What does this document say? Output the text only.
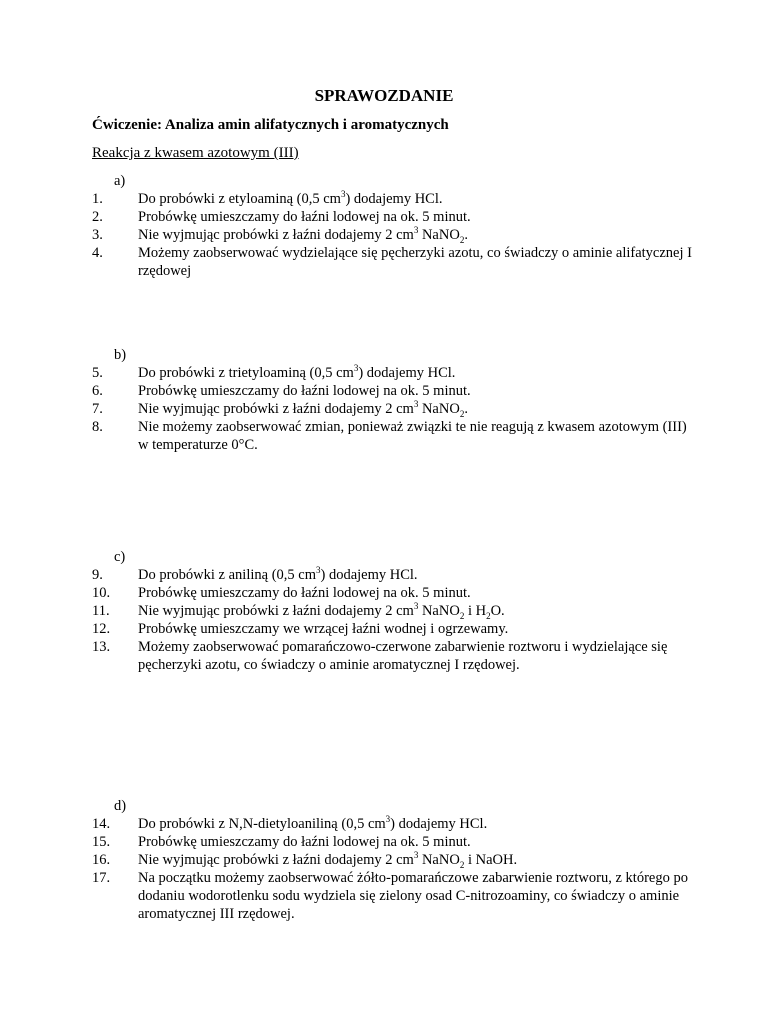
SPRAWOZDANIE
Ćwiczenie: Analiza amin alifatycznych i aromatycznych
Reakcja z kwasem azotowym (III)
a)
1.	Do probówki z etyloaminą (0,5 $cm^3$) dodajemy HCl.
2.	Probówkę umieszczamy do łaźni lodowej na ok. 5 minut.
3.	Nie wyjmując probówki z łaźni dodajemy 2 $cm^3$ NaNO$_2$.
4.	Możemy zaobserwować wydzielające się pęcherzyki azotu, co świadczy o aminie alifatycznej I rzędowej
b)
5.	Do probówki z trietyloaminą (0,5 $cm^3$) dodajemy HCl.
6.	Probówkę umieszczamy do łaźni lodowej na ok. 5 minut.
7.	Nie wyjmując probówki z łaźni dodajemy 2 $cm^3$ NaNO$_2$.
8.	Nie możemy zaobserwować zmian, ponieważ związki te nie reagują z kwasem azotowym (III) w temperaturze 0°C.
c)
9.	Do probówki z aniliną (0,5 $cm^3$) dodajemy HCl.
10.	Probówkę umieszczamy do łaźni lodowej na ok. 5 minut.
11.	Nie wyjmując probówki z łaźni dodajemy 2 $cm^3$ NaNO$_2$ i $H_2O$.
12.	Probówkę umieszczamy we wrzącej łaźni wodnej i ogrzewamy.
13.	Możemy zaobserwować pomarańczowo-czerwone zabarwienie roztworu i wydzielające się pęcherzyki azotu, co świadczy o aminie aromatycznej I rzędowej.
d)
14.	Do probówki z N,N-dietyloaniliną (0,5 $cm^3$) dodajemy HCl.
15.	Probówkę umieszczamy do łaźni lodowej na ok. 5 minut.
16.	Nie wyjmując probówki z łaźni dodajemy 2 $cm^3$ NaNO$_2$ i NaOH.
17.	Na początku możemy zaobserwować żółto-pomarańczowe zabarwienie roztworu, z którego po dodaniu wodorotlenku sodu wydziela się zielony osad C-nitrozoaminy, co świadczy o aminie aromatycznej III rzędowej.
